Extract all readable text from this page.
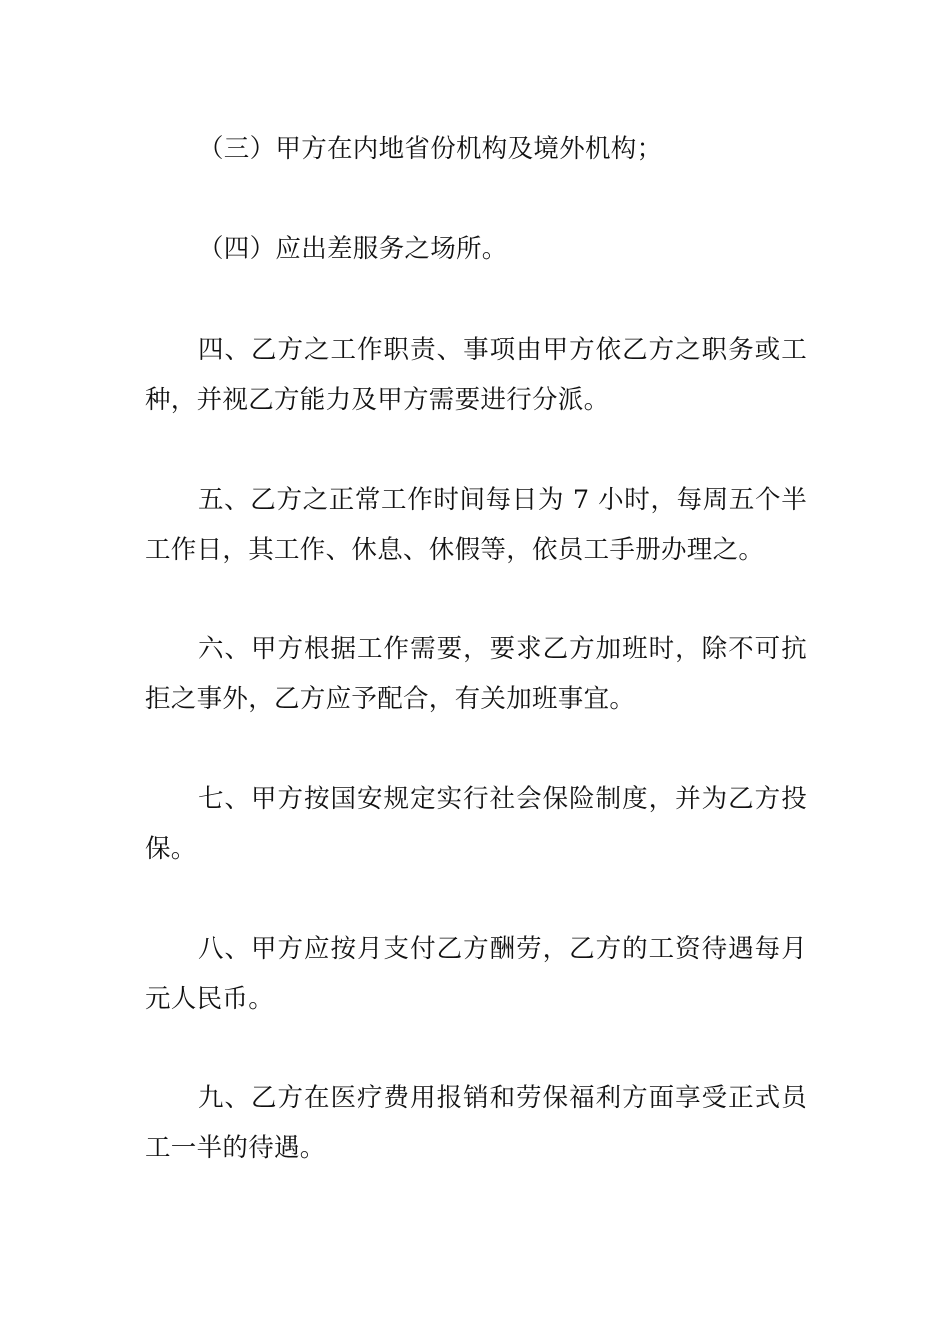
（三）甲方在内地省份机构及境外机构；

（四）应出差服务之场所。

四、乙方之工作职责、事项由甲方依乙方之职务或工种，并视乙方能力及甲方需要进行分派。

五、乙方之正常工作时间每日为 7 小时，每周五个半工作日，其工作、休息、休假等，依员工手册办理之。

六、甲方根据工作需要，要求乙方加班时，除不可抗拒之事外，乙方应予配合，有关加班事宜。

七、甲方按国安规定实行社会保险制度，并为乙方投保。

八、甲方应按月支付乙方酬劳，乙方的工资待遇每月元人民币。

九、乙方在医疗费用报销和劳保福利方面享受正式员工一半的待遇。
